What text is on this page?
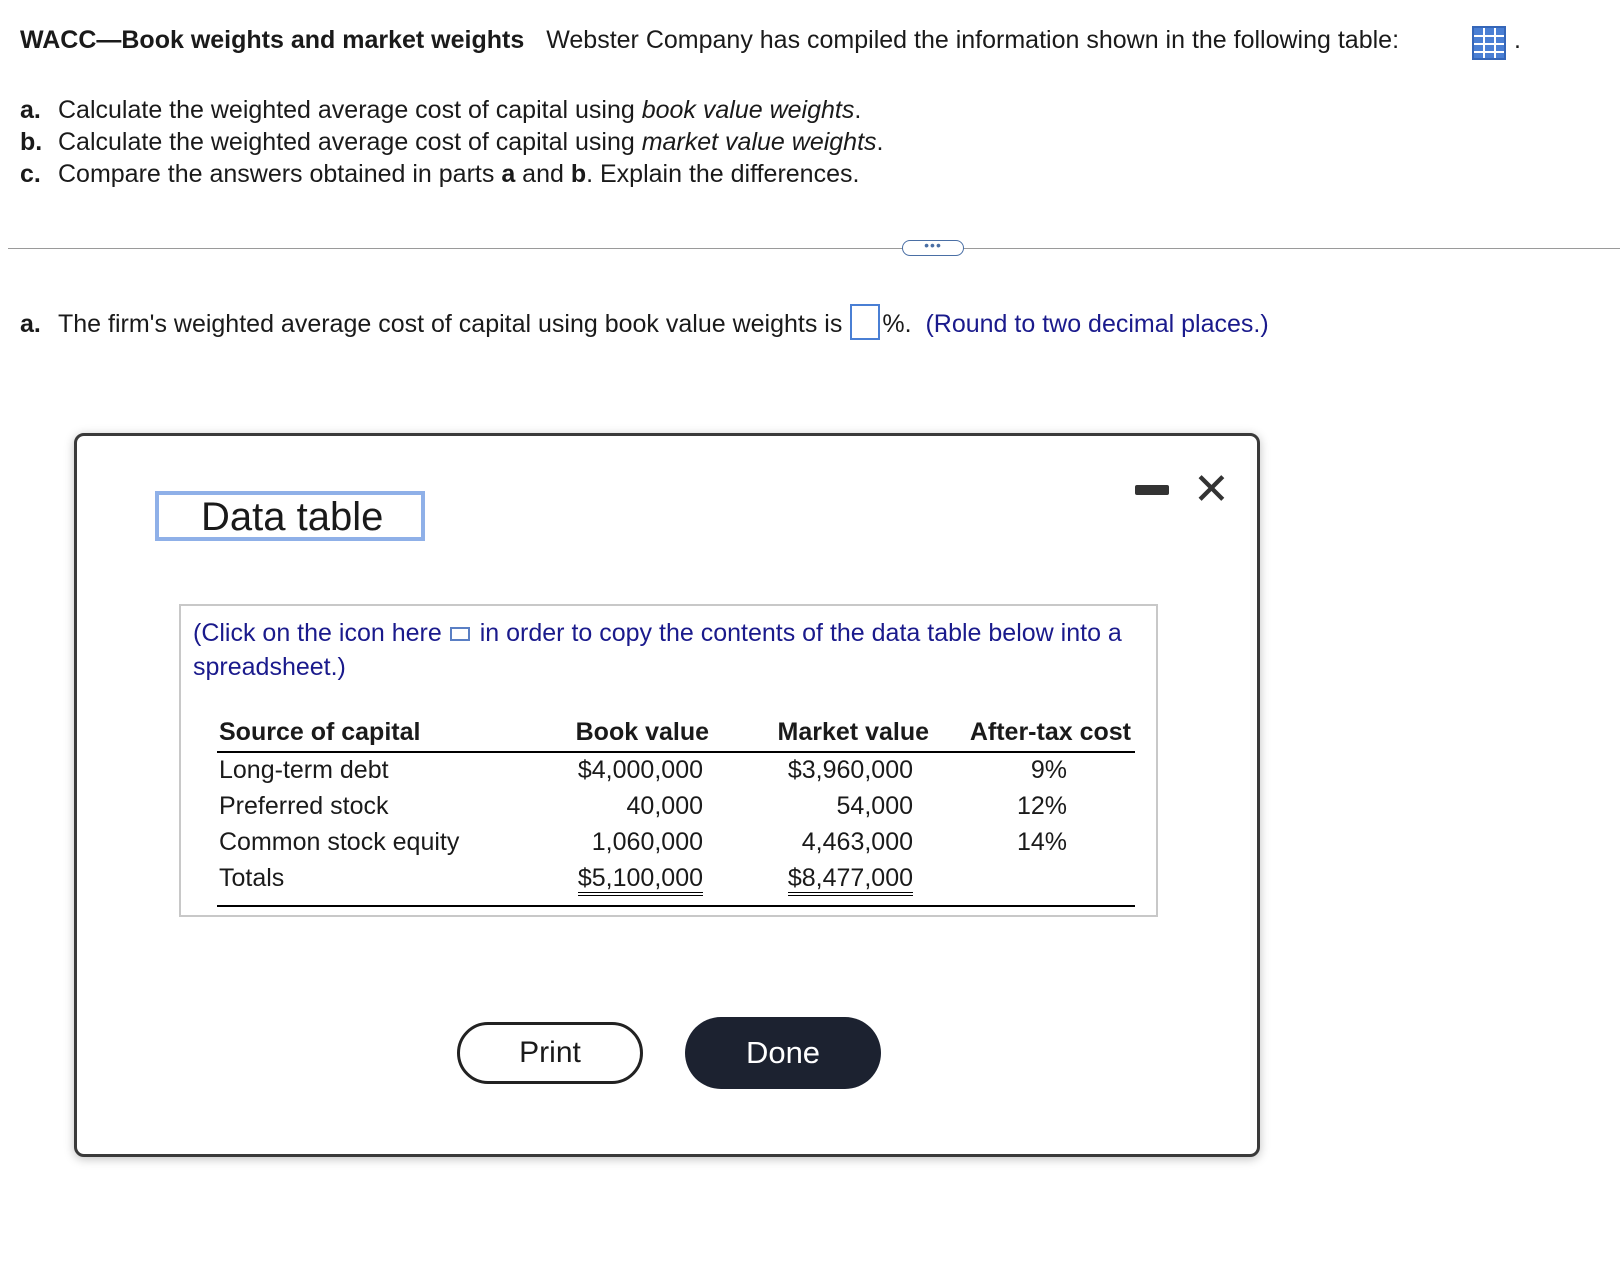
WACC—Book weights and market weights Webster Company has compiled the information shown in the following table:	.
a. Calculate the weighted average cost of capital using book value weights.
b. Calculate the weighted average cost of capital using market value weights.
c. Compare the answers obtained in parts a and b. Explain the differences.
•••
a. The firm's weighted average cost of capital using book value weights is %. (Round to two decimal places.)
Data table
✕
(Click on the icon here in order to copy the contents of the data table below into a spreadsheet.)
Source of capital	Book value	Market value	After-tax cost
Long-term debt	$4,000,000	$3,960,000	9%
Preferred stock	40,000	54,000	12%
Common stock equity	1,060,000	4,463,000	14%
Totals	$5,100,000	$8,477,000	
Print	Done
